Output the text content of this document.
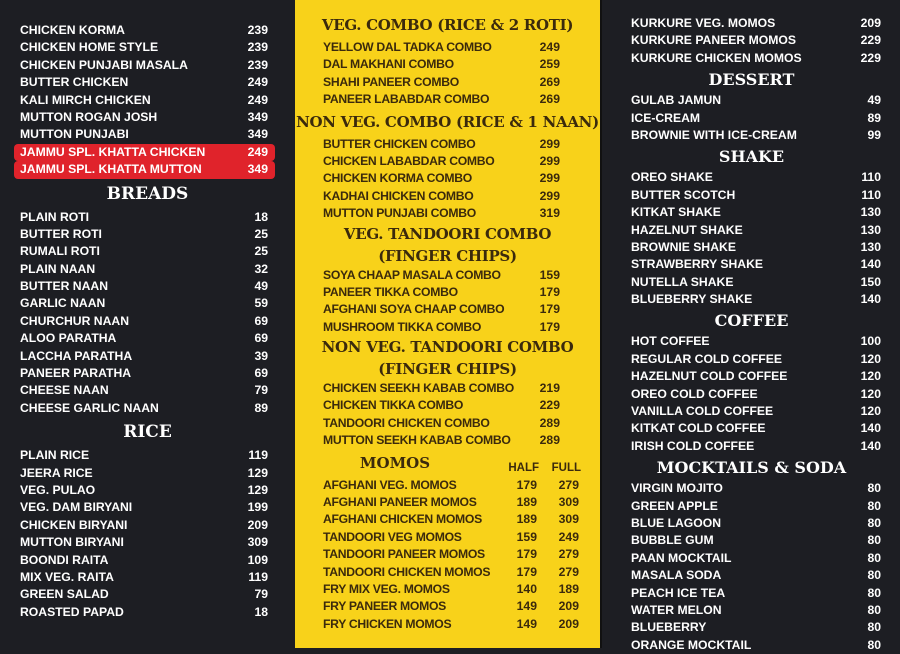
CHICKEN KORMA	239
CHICKEN HOME STYLE	239
CHICKEN PUNJABI MASALA	239
BUTTER CHICKEN	249
KALI MIRCH CHICKEN	249
MUTTON ROGAN JOSH	349
MUTTON PUNJABI	349
JAMMU SPL. KHATTA CHICKEN	249
JAMMU SPL. KHATTA MUTTON	349
BREADS
PLAIN ROTI	18
BUTTER ROTI	25
RUMALI ROTI	25
PLAIN NAAN	32
BUTTER NAAN	49
GARLIC NAAN	59
CHURCHUR NAAN	69
ALOO PARATHA	69
LACCHA PARATHA	39
PANEER PARATHA	69
CHEESE NAAN	79
CHEESE GARLIC NAAN	89
RICE
PLAIN RICE	119
JEERA RICE	129
VEG. PULAO	129
VEG. DAM BIRYANI	199
CHICKEN BIRYANI	209
MUTTON BIRYANI	309
BOONDI RAITA	109
MIX VEG. RAITA	119
GREEN SALAD	79
ROASTED PAPAD	18
VEG. COMBO (RICE & 2 ROTI)
YELLOW DAL TADKA COMBO	249
DAL MAKHANI COMBO	259
SHAHI PANEER COMBO	269
PANEER LABABDAR COMBO	269
NON VEG. COMBO (RICE & 1 NAAN)
BUTTER CHICKEN COMBO	299
CHICKEN LABABDAR COMBO	299
CHICKEN KORMA COMBO	299
KADHAI CHICKEN COMBO	299
MUTTON PUNJABI COMBO	319
VEG. TANDOORI COMBO
(FINGER CHIPS)
SOYA CHAAP MASALA COMBO	159
PANEER TIKKA COMBO	179
AFGHANI SOYA CHAAP COMBO	179
MUSHROOM TIKKA COMBO	179
NON VEG. TANDOORI COMBO
(FINGER CHIPS)
CHICKEN SEEKH KABAB COMBO	219
CHICKEN TIKKA COMBO	229
TANDOORI CHICKEN COMBO	289
MUTTON SEEKH KABAB COMBO	289
MOMOS	HALF	FULL
AFGHANI VEG. MOMOS	179	279
AFGHANI PANEER MOMOS	189	309
AFGHANI CHICKEN MOMOS	189	309
TANDOORI VEG MOMOS	159	249
TANDOORI PANEER MOMOS	179	279
TANDOORI CHICKEN MOMOS	179	279
FRY MIX VEG. MOMOS	140	189
FRY PANEER MOMOS	149	209
FRY CHICKEN MOMOS	149	209
KURKURE VEG. MOMOS	209
KURKURE PANEER MOMOS	229
KURKURE CHICKEN MOMOS	229
DESSERT
GULAB JAMUN	49
ICE-CREAM	89
BROWNIE WITH ICE-CREAM	99
SHAKE
OREO SHAKE	110
BUTTER SCOTCH	110
KITKAT SHAKE	130
HAZELNUT SHAKE	130
BROWNIE SHAKE	130
STRAWBERRY SHAKE	140
NUTELLA SHAKE	150
BLUEBERRY SHAKE	140
COFFEE
HOT COFFEE	100
REGULAR COLD COFFEE	120
HAZELNUT COLD COFFEE	120
OREO COLD COFFEE	120
VANILLA COLD COFFEE	120
KITKAT COLD COFFEE	140
IRISH COLD COFFEE	140
MOCKTAILS & SODA
VIRGIN MOJITO	80
GREEN APPLE	80
BLUE LAGOON	80
BUBBLE GUM	80
PAAN MOCKTAIL	80
MASALA SODA	80
PEACH ICE TEA	80
WATER MELON	80
BLUEBERRY	80
ORANGE MOCKTAIL	80
